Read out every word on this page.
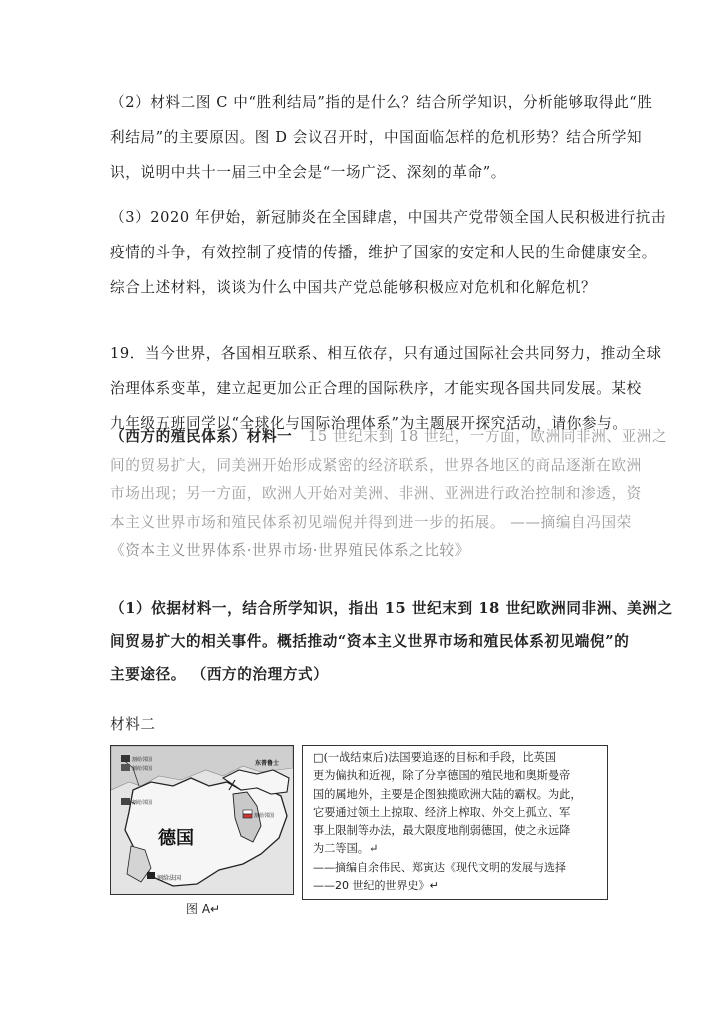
（2）材料二图 C 中“胜利结局”指的是什么？结合所学知识，分析能够取得此“胜
利结局”的主要原因。图 D 会议召开时，中国面临怎样的危机形势？结合所学知
识，说明中共十一届三中全会是“一场广泛、深刻的革命”。
（3）2020 年伊始，新冠肺炎在全国肆虐，中国共产党带领全国人民积极进行抗击
疫情的斗争，有效控制了疫情的传播，维护了国家的安定和人民的生命健康安全。
综合上述材料，谈谈为什么中国共产党总能够积极应对危机和化解危机？
19．当今世界，各国相互联系、相互依存，只有通过国际社会共同努力，推动全球
治理体系变革，建立起更加公正合理的国际秩序，才能实现各国共同发展。某校
九年级五班同学以“全球化与国际治理体系”为主题展开探究活动，请你参与。
（西方的殖民体系）材料一 15 世纪末到 18 世纪，一方面，欧洲同非洲、亚洲之
间的贸易扩大，同美洲开始形成紧密的经济联系，世界各地区的商品逐渐在欧洲
市场出现；另一方面，欧洲人开始对美洲、非洲、亚洲进行政治控制和渗透，资
本主义世界市场和殖民体系初见端倪并得到进一步的拓展。 ——摘编自冯国荣
《资本主义世界体系·世界市场·世界殖民体系之比较》
（1）依据材料一，结合所学知识，指出 15 世纪末到 18 世纪欧洲同非洲、美洲之
间贸易扩大的相关事件。概括推动“资本主义世界市场和殖民体系初见端倪”的
主要途径。 （西方的治理方式）
材料二
德国
东普鲁士
割给邻国
割给邻国
割给邻国
割给邻国
割给法国
图 A↵
□(一战结束后)法国要追逐的目标和手段，比英国
更为偏执和近视，除了分享德国的殖民地和奥斯曼帝
国的属地外，主要是企图独揽欧洲大陆的霸权。为此，
它要通过领土上掠取、经济上榨取、外交上孤立、军
事上限制等办法，最大限度地削弱德国，使之永远降
为二等国。↵
——摘编自余伟民、郑寅达《现代文明的发展与选择
——20 世纪的世界史》↵
